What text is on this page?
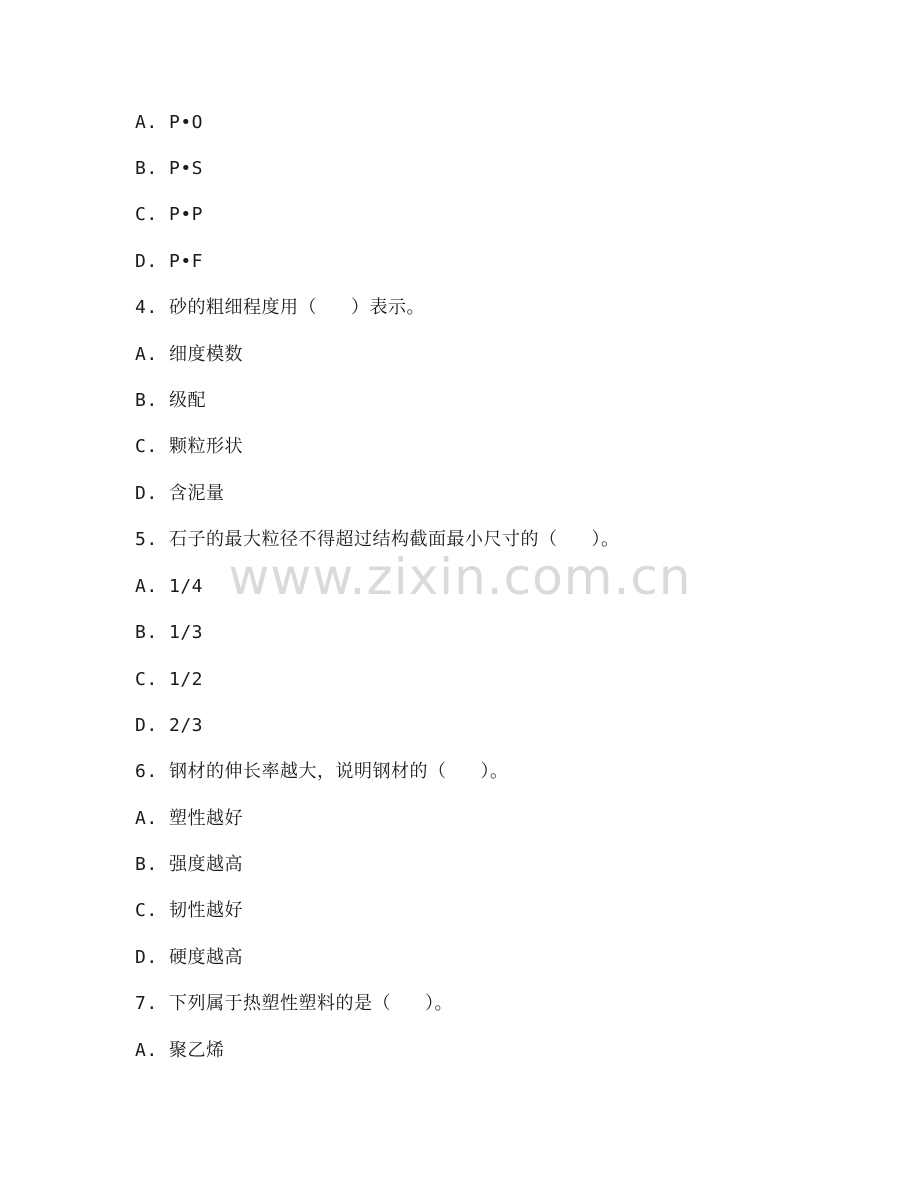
A. P•O
B. P•S
C. P•P
D. P•F
4. 砂的粗细程度用（   ）表示。
A. 细度模数
B. 级配
C. 颗粒形状
D. 含泥量
5. 石子的最大粒径不得超过结构截面最小尺寸的（   ）。
A. 1/4
B. 1/3
C. 1/2
D. 2/3
6. 钢材的伸长率越大，说明钢材的（   ）。
A. 塑性越好
B. 强度越高
C. 韧性越好
D. 硬度越高
7. 下列属于热塑性塑料的是（   ）。
A. 聚乙烯
www.zixin.com.cn
